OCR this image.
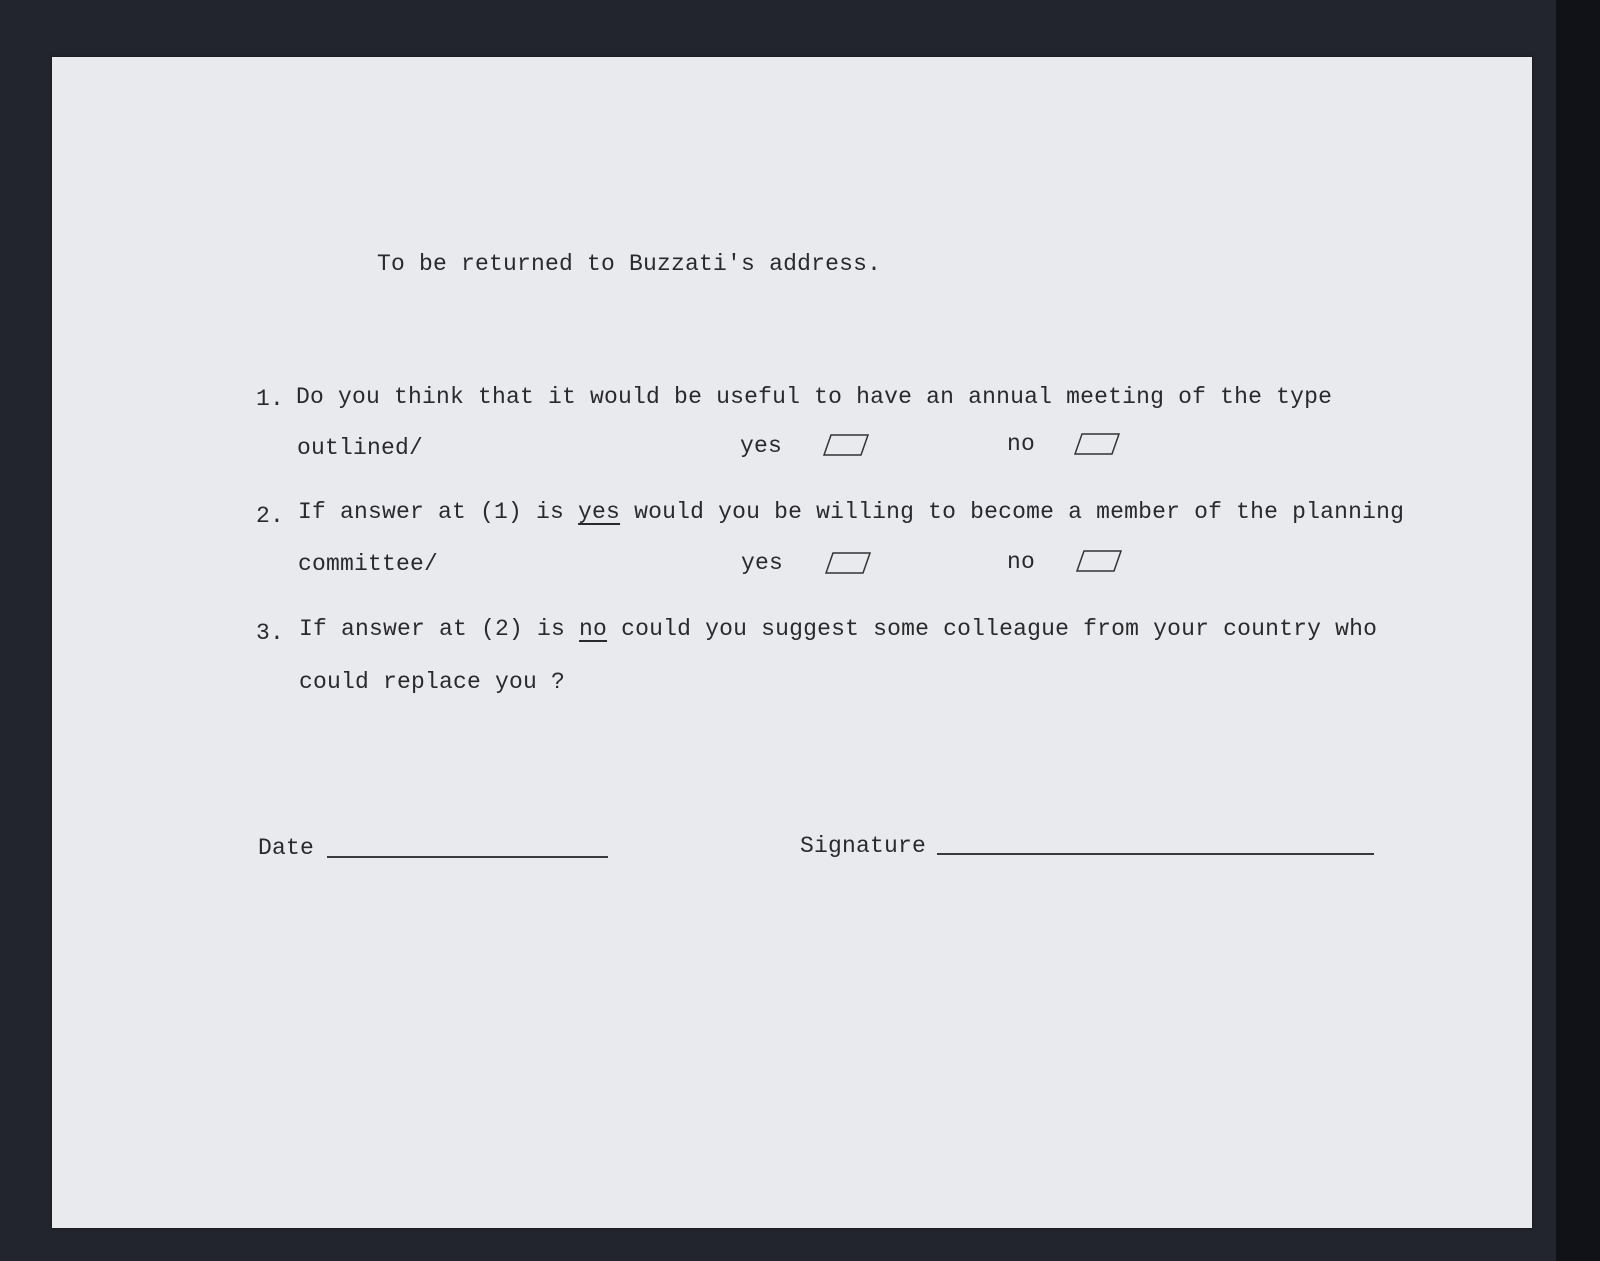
To be returned to Buzzati's address.
1. Do you think that it would be useful to have an annual meeting of the type
outlined/	yes	no
2. If answer at (1) is yes would you be willing to become a member of the planning
committee/	yes	no
3. If answer at (2) is no could you suggest some colleague from your country who
could replace you ?
Date	Signature
